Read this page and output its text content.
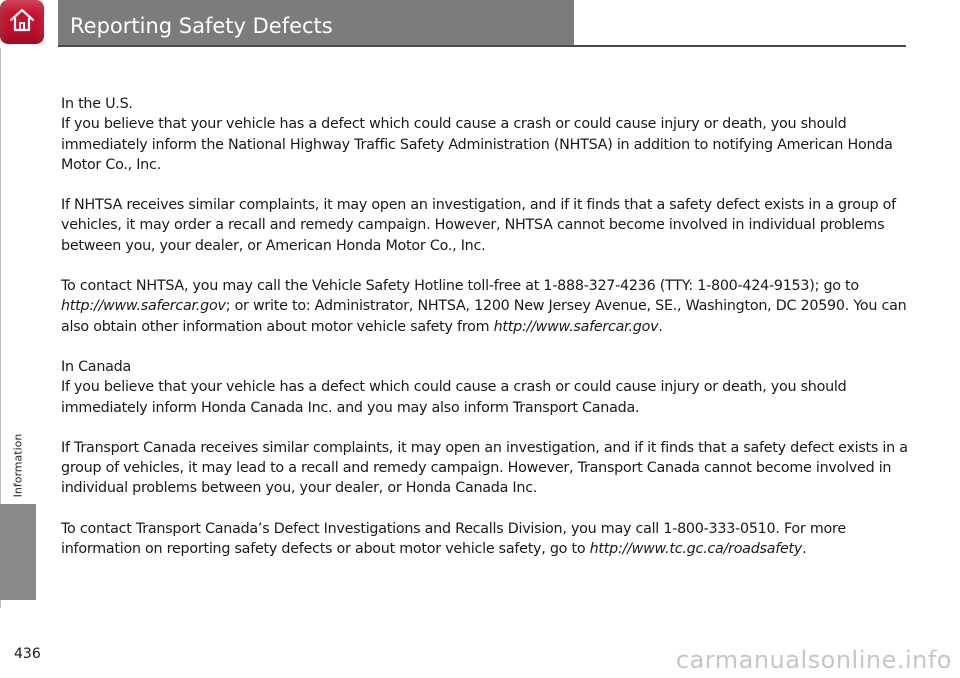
Information
Reporting Safety Defects

In the U.S.

If you believe that your vehicle has a defect which could cause a crash or could cause injury or death, you should immediately inform the National Highway Traffic Safety Administration (NHTSA) in addition to notifying American Honda Motor Co., Inc.

If NHTSA receives similar complaints, it may open an investigation, and if it finds that a safety defect exists in a group of vehicles, it may order a recall and remedy campaign. However, NHTSA cannot become involved in individual problems between you, your dealer, or American Honda Motor Co., Inc.

To contact NHTSA, you may call the Vehicle Safety Hotline toll-free at 1-888-327-4236 (TTY: 1-800-424-9153); go to http://www.safercar.gov; or write to: Administrator, NHTSA, 1200 New Jersey Avenue, SE., Washington, DC 20590. You can also obtain other information about motor vehicle safety from http://www.safercar.gov.

In Canada

If you believe that your vehicle has a defect which could cause a crash or could cause injury or death, you should immediately inform Honda Canada Inc. and you may also inform Transport Canada.

If Transport Canada receives similar complaints, it may open an investigation, and if it finds that a safety defect exists in a group of vehicles, it may lead to a recall and remedy campaign. However, Transport Canada cannot become involved in individual problems between you, your dealer, or Honda Canada Inc.

To contact Transport Canada’s Defect Investigations and Recalls Division, you may call 1-800-333-0510. For more information on reporting safety defects or about motor vehicle safety, go to http://www.tc.gc.ca/roadsafety.

436	carmanualsonline.info
